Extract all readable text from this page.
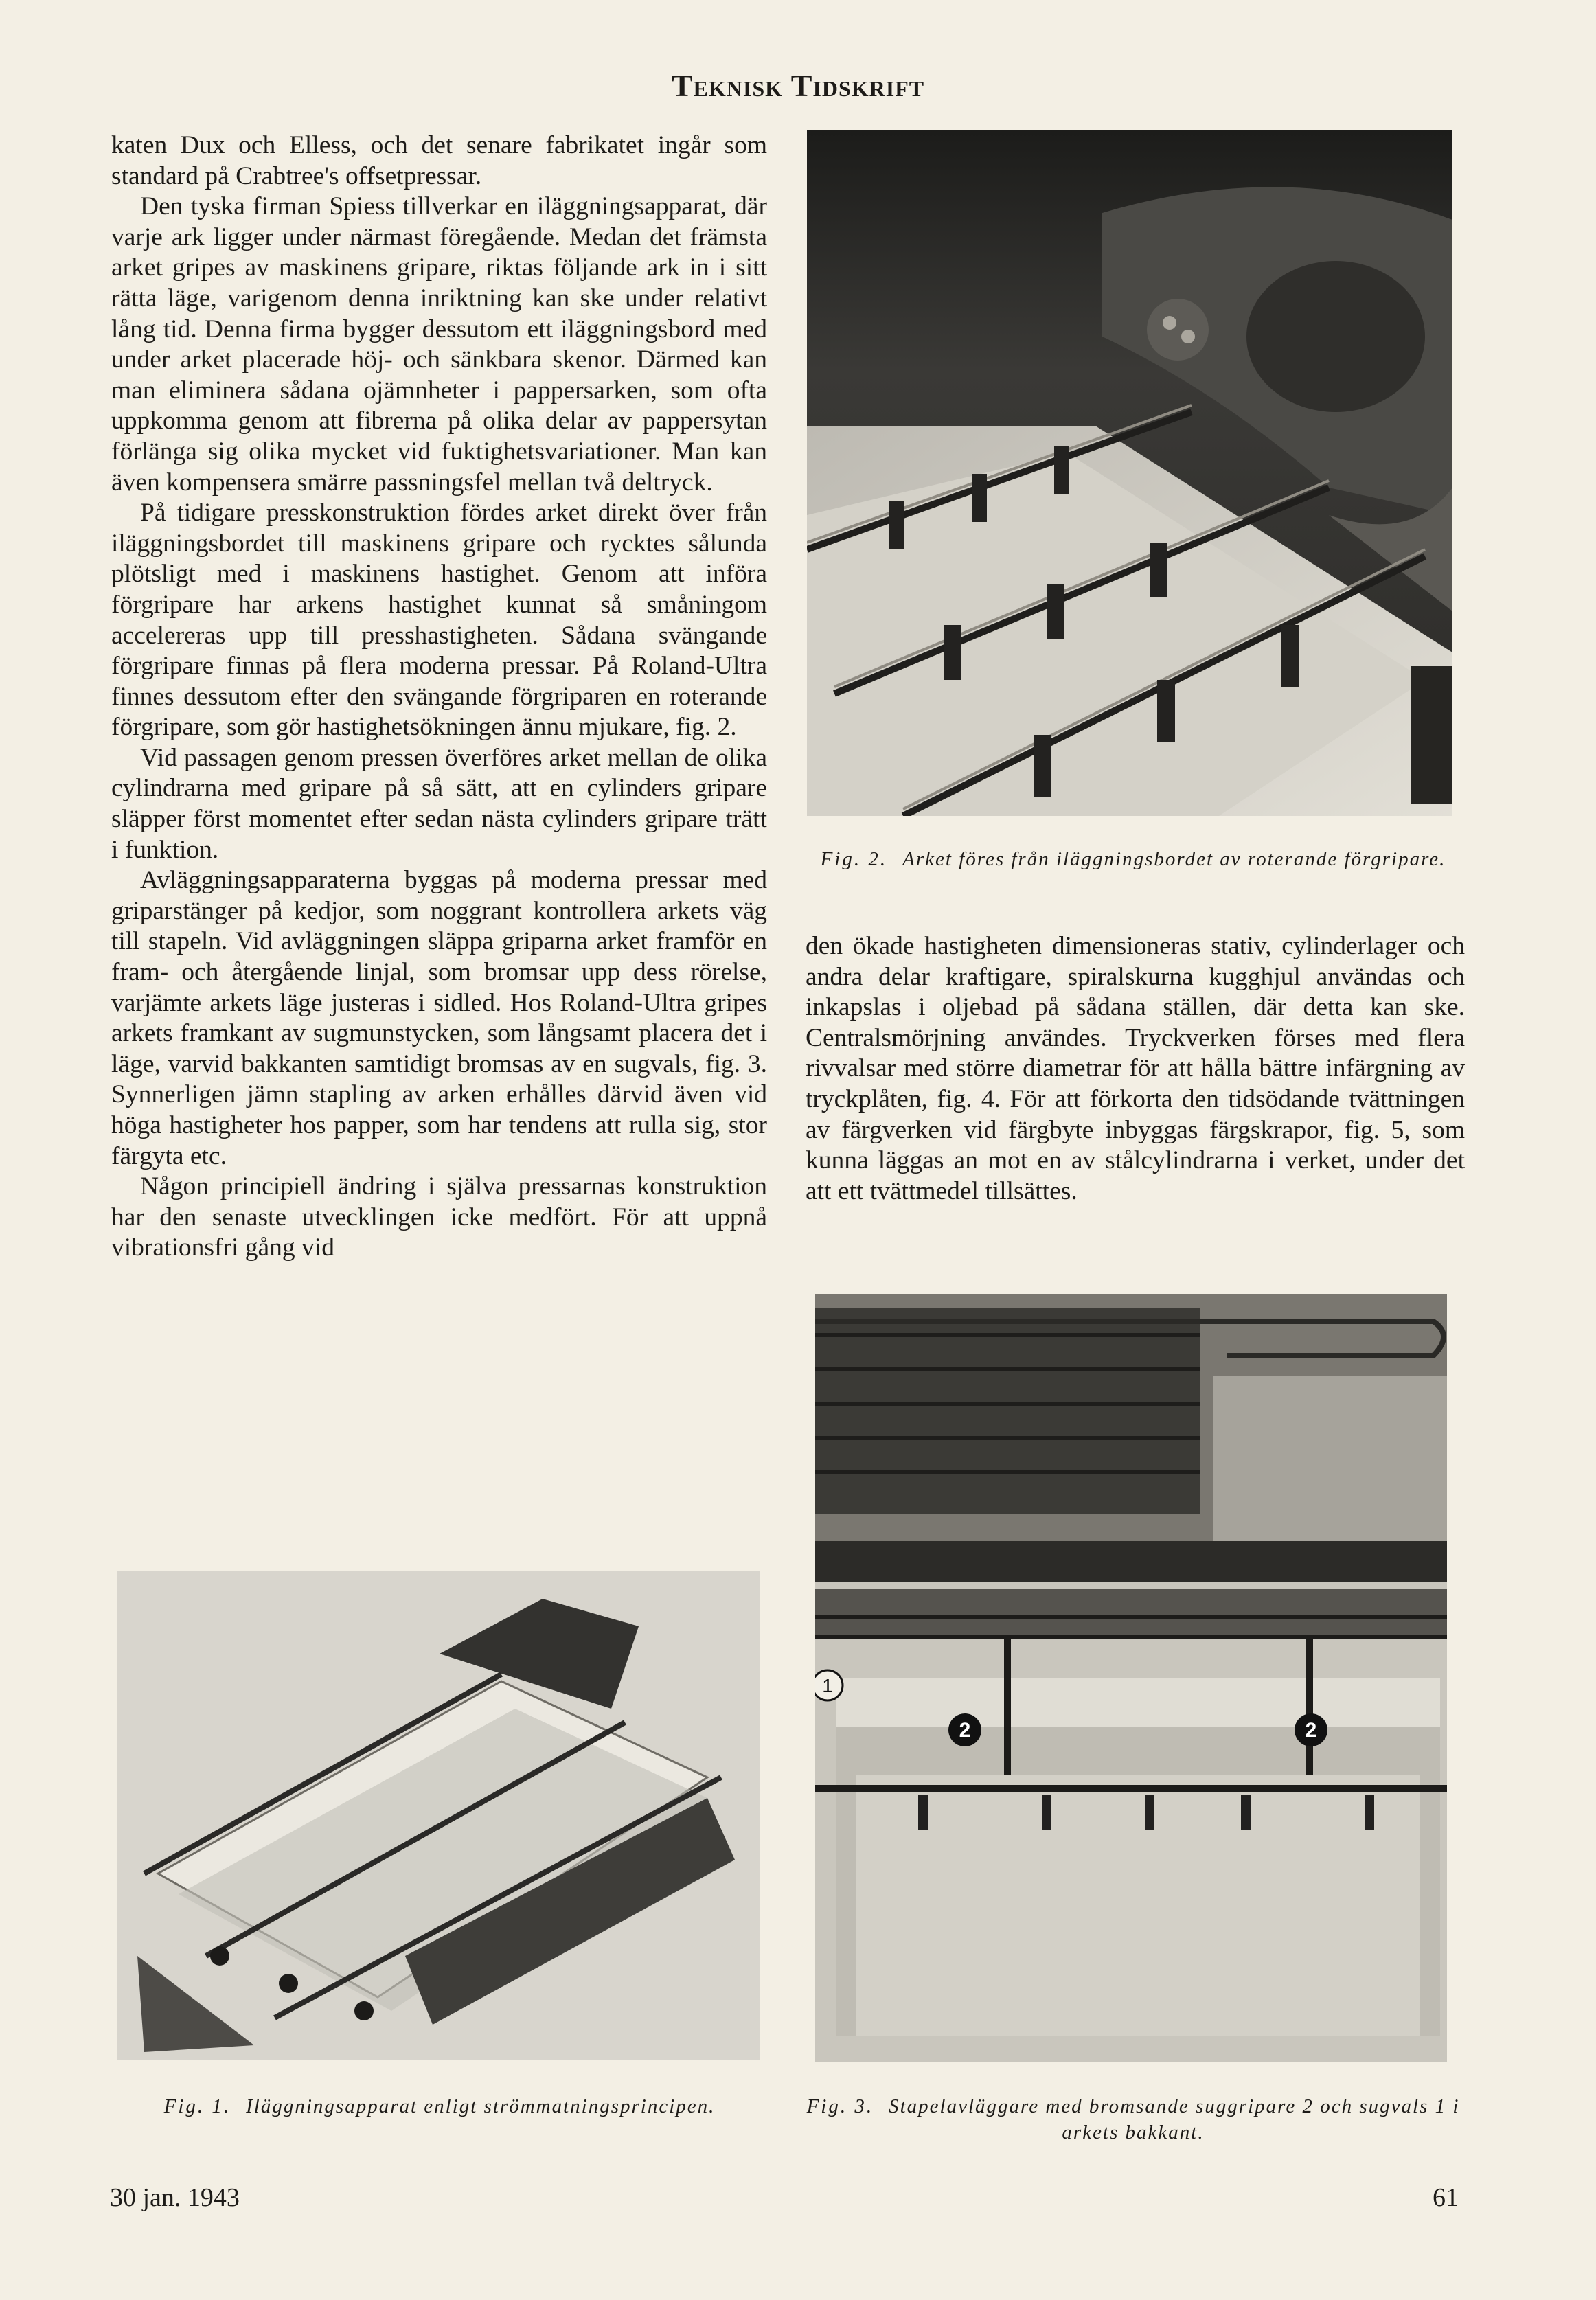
Teknisk Tidskrift

katen Dux och Elless, och det senare fabrikatet ingår som standard på Crabtree's offsetpressar.

Den tyska firman Spiess tillverkar en iläggningsapparat, där varje ark ligger under närmast föregående. Medan det främsta arket gripes av maskinens gripare, riktas följande ark in i sitt rätta läge, varigenom denna inriktning kan ske under relativt lång tid. Denna firma bygger dessutom ett iläggningsbord med under arket placerade höj- och sänkbara skenor. Därmed kan man eliminera sådana ojämnheter i pappersarken, som ofta uppkomma genom att fibrerna på olika delar av pappersytan förlänga sig olika mycket vid fuktighetsvariationer. Man kan även kompensera smärre passningsfel mellan två deltryck.

På tidigare presskonstruktion fördes arket direkt över från iläggningsbordet till maskinens gripare och rycktes sålunda plötsligt med i maskinens hastighet. Genom att införa förgripare har arkens hastighet kunnat så småningom accelereras upp till presshastigheten. Sådana svängande förgripare finnas på flera moderna pressar. På Roland-Ultra finnes dessutom efter den svängande förgriparen en roterande förgripare, som gör hastighetsökningen ännu mjukare, fig. 2.

Vid passagen genom pressen överföres arket mellan de olika cylindrarna med gripare på så sätt, att en cylinders gripare släpper först momentet efter sedan nästa cylinders gripare trätt i funktion.

Avläggningsapparaterna byggas på moderna pressar med griparstänger på kedjor, som noggrant kontrollera arkets väg till stapeln. Vid avläggningen släppa griparna arket framför en fram- och återgående linjal, som bromsar upp dess rörelse, varjämte arkets läge justeras i sidled. Hos Roland-Ultra gripes arkets framkant av sugmunstycken, som långsamt placera det i läge, varvid bakkanten samtidigt bromsas av en sugvals, fig. 3. Synnerligen jämn stapling av arken erhålles därvid även vid höga hastigheter hos papper, som har tendens att rulla sig, stor färgyta etc.

Någon principiell ändring i själva pressarnas konstruktion har den senaste utvecklingen icke medfört. För att uppnå vibrationsfri gång vid

Fig. 2. Arket föres från iläggningsbordet av roterande förgripare.

den ökade hastigheten dimensioneras stativ, cylinderlager och andra delar kraftigare, spiralskurna kugghjul användas och inkapslas i oljebad på sådana ställen, där detta kan ske. Centralsmörjning användes. Tryckverken förses med flera rivvalsar med större diametrar för att hålla bättre infärgning av tryckplåten, fig. 4. För att förkorta den tidsödande tvättningen av färgverken vid färgbyte inbyggas färgskrapor, fig. 5, som kunna läggas an mot en av stålcylindrarna i verket, under det att ett tvättmedel tillsättes.

1
2	2
Fig. 1. Iläggningsapparat enligt strömmatningsprincipen.	Fig. 3. Stapelavläggare med bromsande suggripare 2 och sugvals 1 i arkets bakkant.
30 jan. 1943	61
